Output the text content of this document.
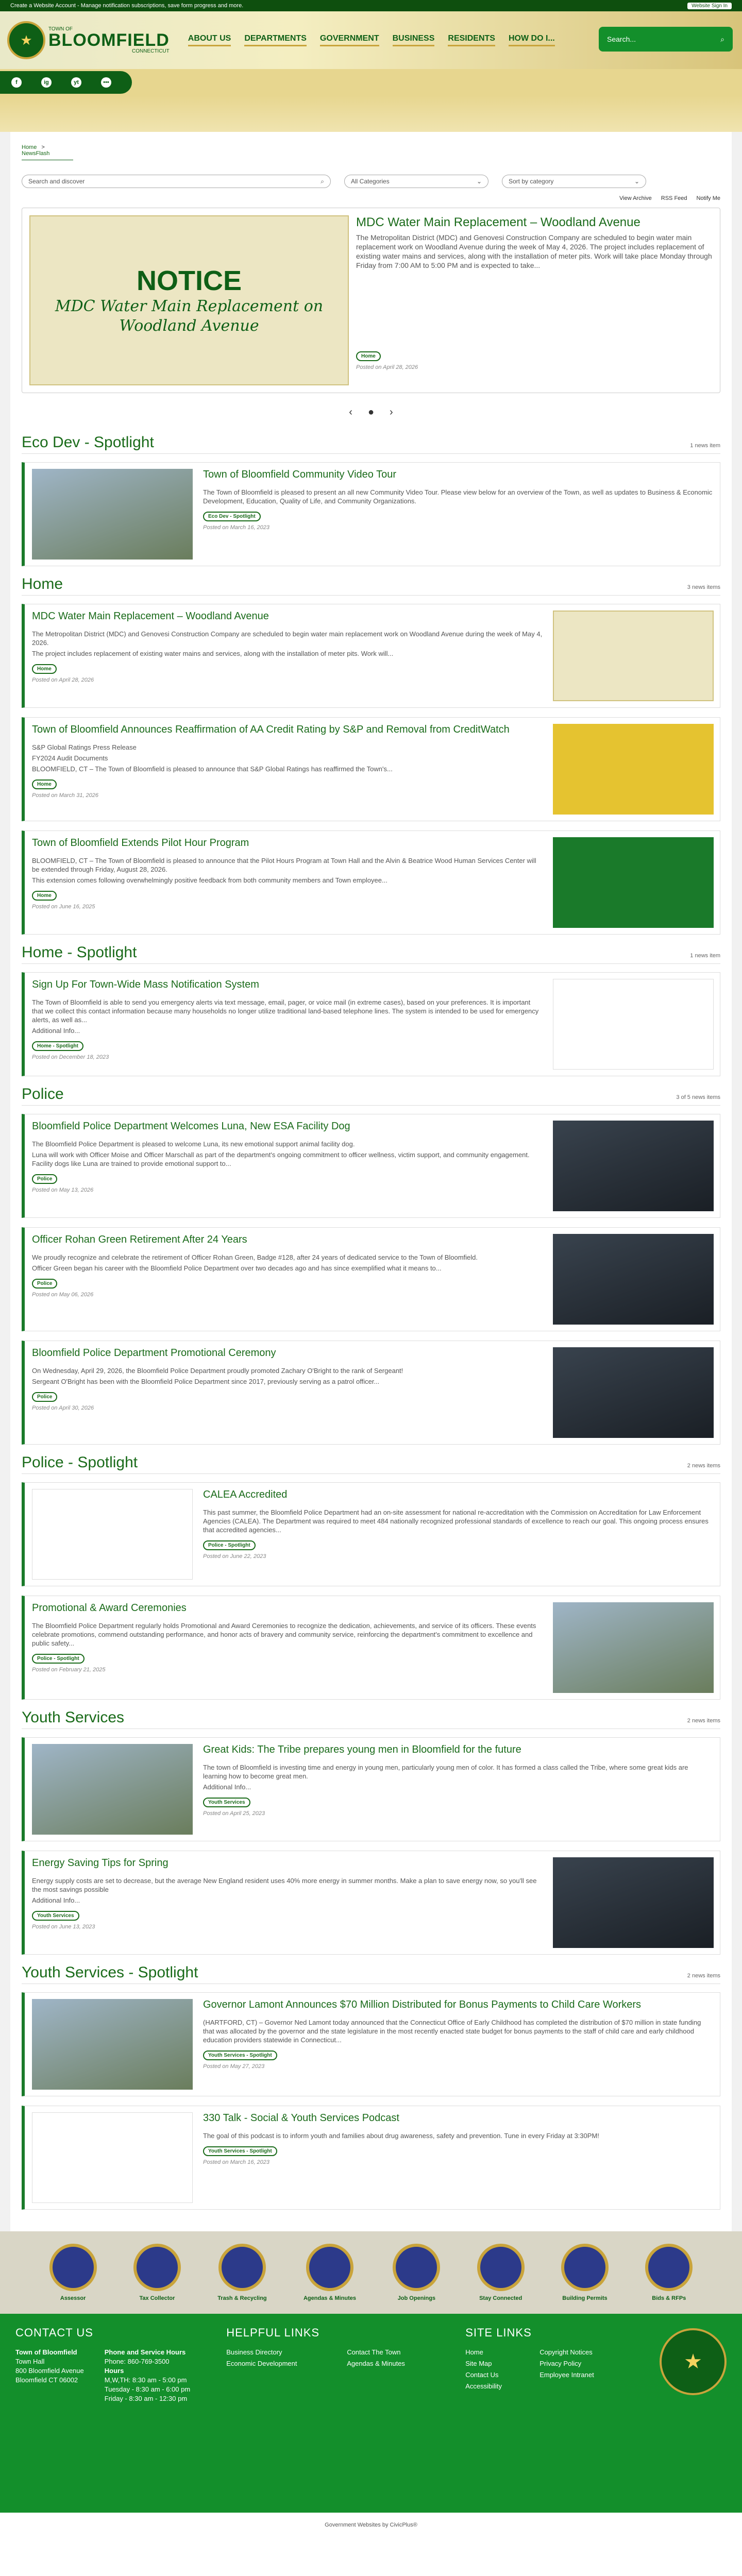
Create a Website Account - Manage notification subscriptions, save form progress and more.	Website Sign In
★
TOWN OF
BLOOMFIELD
CONNECTICUT
ABOUT US DEPARTMENTS GOVERNMENT BUSINESS RESIDENTS HOW DO I...	Search...	⌕
f	ig	yt	•••
Home > NewsFlash
Search and discover	⌕	All Categories	⌄	Sort by category	⌄
View Archive RSS Feed Notify Me
NOTICE
MDC Water Main Replacement on Woodland Avenue
MDC Water Main Replacement – Woodland Avenue

The Metropolitan District (MDC) and Genovesi Construction Company are scheduled to begin water main replacement work on Woodland Avenue during the week of May 4, 2026. The project includes replacement of existing water mains and services, along with the installation of meter pits. Work will take place Monday through Friday from 7:00 AM to 5:00 PM and is expected to take...

Home
Posted on April 28, 2026
‹ ● ›
Eco Dev - Spotlight	1 news item
Town of Bloomfield Community Video Tour

The Town of Bloomfield is pleased to present an all new Community Video Tour. Please view below for an overview of the Town, as well as updates to Business & Economic Development, Education, Quality of Life, and Community Organizations.

Eco Dev - Spotlight
Posted on March 16, 2023
Home	3 news items
MDC Water Main Replacement – Woodland Avenue

The Metropolitan District (MDC) and Genovesi Construction Company are scheduled to begin water main replacement work on Woodland Avenue during the week of May 4, 2026.

The project includes replacement of existing water mains and services, along with the installation of meter pits. Work will...

Home
Posted on April 28, 2026
Town of Bloomfield Announces Reaffirmation of AA Credit Rating by S&P and Removal from CreditWatch

S&P Global Ratings Press Release

FY2024 Audit Documents

BLOOMFIELD, CT – The Town of Bloomfield is pleased to announce that S&P Global Ratings has reaffirmed the Town's...

Home
Posted on March 31, 2026
Town of Bloomfield Extends Pilot Hour Program

BLOOMFIELD, CT – The Town of Bloomfield is pleased to announce that the Pilot Hours Program at Town Hall and the Alvin & Beatrice Wood Human Services Center will be extended through Friday, August 28, 2026.

This extension comes following overwhelmingly positive feedback from both community members and Town employee...

Home
Posted on June 16, 2025
Home - Spotlight	1 news item
Sign Up For Town-Wide Mass Notification System

The Town of Bloomfield is able to send you emergency alerts via text message, email, pager, or voice mail (in extreme cases), based on your preferences. It is important that we collect this contact information because many households no longer utilize traditional land-based telephone lines. The system is intended to be used for emergency alerts, as well as...

Additional Info...

Home - Spotlight
Posted on December 18, 2023
Police	3 of 5 news items
Bloomfield Police Department Welcomes Luna, New ESA Facility Dog

The Bloomfield Police Department is pleased to welcome Luna, its new emotional support animal facility dog.

Luna will work with Officer Moise and Officer Marschall as part of the department's ongoing commitment to officer wellness, victim support, and community engagement. Facility dogs like Luna are trained to provide emotional support to...

Police
Posted on May 13, 2026
Officer Rohan Green Retirement After 24 Years

We proudly recognize and celebrate the retirement of Officer Rohan Green, Badge #128, after 24 years of dedicated service to the Town of Bloomfield.

Officer Green began his career with the Bloomfield Police Department over two decades ago and has since exemplified what it means to...

Police
Posted on May 06, 2026
Bloomfield Police Department Promotional Ceremony

On Wednesday, April 29, 2026, the Bloomfield Police Department proudly promoted Zachary O'Bright to the rank of Sergeant!

Sergeant O'Bright has been with the Bloomfield Police Department since 2017, previously serving as a patrol officer...

Police
Posted on April 30, 2026
Police - Spotlight	2 news items
CALEA Accredited

This past summer, the Bloomfield Police Department had an on-site assessment for national re-accreditation with the Commission on Accreditation for Law Enforcement Agencies (CALEA). The Department was required to meet 484 nationally recognized professional standards of excellence to reach our goal. This ongoing process ensures that accredited agencies...

Police - Spotlight
Posted on June 22, 2023
Promotional & Award Ceremonies

The Bloomfield Police Department regularly holds Promotional and Award Ceremonies to recognize the dedication, achievements, and service of its officers. These events celebrate promotions, commend outstanding performance, and honor acts of bravery and community service, reinforcing the department's commitment to excellence and public safety...

Police - Spotlight
Posted on February 21, 2025
Youth Services	2 news items
Great Kids: The Tribe prepares young men in Bloomfield for the future

The town of Bloomfield is investing time and energy in young men, particularly young men of color. It has formed a class called the Tribe, where some great kids are learning how to become great men.

Additional Info...

Youth Services
Posted on April 25, 2023
Energy Saving Tips for Spring

Energy supply costs are set to decrease, but the average New England resident uses 40% more energy in summer months. Make a plan to save energy now, so you'll see the most savings possible

Additional Info...

Youth Services
Posted on June 13, 2023
Youth Services - Spotlight	2 news items
Governor Lamont Announces $70 Million Distributed for Bonus Payments to Child Care Workers

(HARTFORD, CT) – Governor Ned Lamont today announced that the Connecticut Office of Early Childhood has completed the distribution of $70 million in state funding that was allocated by the governor and the state legislature in the most recently enacted state budget for bonus payments to the staff of child care and early childhood education providers statewide in Connecticut...

Youth Services - Spotlight
Posted on May 27, 2023
330 Talk - Social & Youth Services Podcast

The goal of this podcast is to inform youth and families about drug awareness, safety and prevention. Tune in every Friday at 3:30PM!

Youth Services - Spotlight
Posted on March 16, 2023
Assessor	Tax Collector	Trash & Recycling	Agendas & Minutes	Job Openings	Stay Connected	Building Permits	Bids & RFPs
CONTACT US
Town of Bloomfield
Town Hall
800 Bloomfield Avenue
Bloomfield CT 06002
Phone and Service Hours
Phone: 860-769-3500
Hours
M,W,TH: 8:30 am - 5:00 pm
Tuesday - 8:30 am - 6:00 pm
Friday - 8:30 am - 12:30 pm
HELPFUL LINKS
Business Directory	Contact The Town
Economic Development	Agendas & Minutes
SITE LINKS
Home	Copyright Notices
Site Map	Privacy Policy
Contact Us	Employee Intranet
Accessibility
★
Government Websites by CivicPlus®
